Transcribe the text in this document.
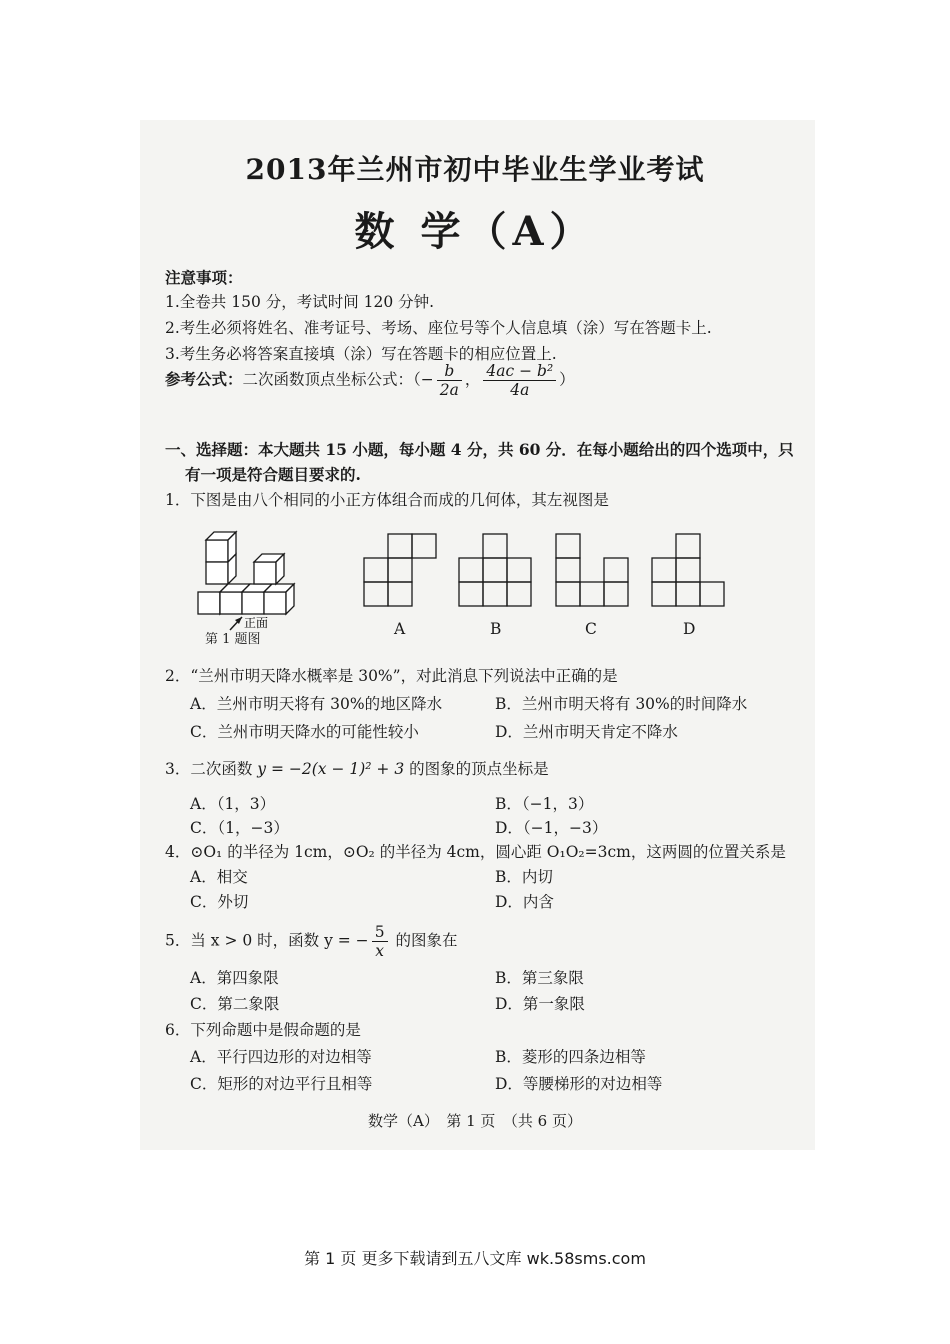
2013年兰州市初中毕业生学业考试
数 学（A）
注意事项：
1.全卷共 150 分，考试时间 120 分钟.
2.考生必须将姓名、准考证号、考场、座位号等个人信息填（涂）写在答题卡上.
3.考生务必将答案直接填（涂）写在答题卡的相应位置上.
参考公式：二次函数顶点坐标公式：（− $\frac{b}{2a}$ ， $\frac{\text{4ac − b²}}{4a}$ ）
一、选择题：本大题共 15 小题，每小题 4 分，共 60 分．在每小题给出的四个选项中，只
有一项是符合题目要求的.
1．下图是由八个相同的小正方体组合而成的几何体，其左视图是
正面
第 1 题图
A	B	C	D
2．“兰州市明天降水概率是 30%”，对此消息下列说法中正确的是
A．兰州市明天将有 30%的地区降水	B．兰州市明天将有 30%的时间降水
C．兰州市明天降水的可能性较小	D．兰州市明天肯定不降水
3．二次函数 y = −2(x − 1)² + 3 的图象的顶点坐标是
A．（1，3）	B．（−1，3）
C．（1，−3）	D．（−1，−3）
4．⊙O₁ 的半径为 1cm，⊙O₂ 的半径为 4cm，圆心距 O₁O₂=3cm，这两圆的位置关系是
A．相交	B．内切
C．外切	D．内含
5．当 x > 0 时，函数 y = − $\frac{5}{x}$ 的图象在
A．第四象限	B．第三象限
C．第二象限	D．第一象限
6．下列命题中是假命题的是
A．平行四边形的对边相等	B．菱形的四条边相等
C．矩形的对边平行且相等	D．等腰梯形的对边相等
数学（A）　第 1 页　（共 6 页）
第 1 页 更多下载请到五八文库 wk.58sms.com
